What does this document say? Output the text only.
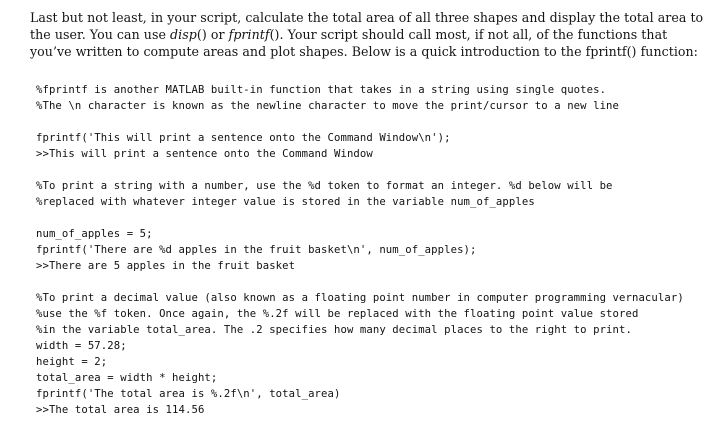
Last but not least, in your script, calculate the total area of all three shapes and display the total area to
the user. You can use disp() or fprintf(). Your script should call most, if not all, of the functions that
you’ve written to compute areas and plot shapes. Below is a quick introduction to the fprintf() function:
%fprintf is another MATLAB built-in function that takes in a string using single quotes.
%The \n character is known as the newline character to move the print/cursor to a new line
fprintf('This will print a sentence onto the Command Window\n');
>>This will print a sentence onto the Command Window
%To print a string with a number, use the %d token to format an integer. %d below will be
%replaced with whatever integer value is stored in the variable num_of_apples
num_of_apples = 5;
fprintf('There are %d apples in the fruit basket\n', num_of_apples);
>>There are 5 apples in the fruit basket
%To print a decimal value (also known as a floating point number in computer programming vernacular)
%use the %f token. Once again, the %.2f will be replaced with the floating point value stored
%in the variable total_area. The .2 specifies how many decimal places to the right to print.
width = 57.28;
height = 2;
total_area = width * height;
fprintf('The total area is %.2f\n', total_area)
>>The total area is 114.56
